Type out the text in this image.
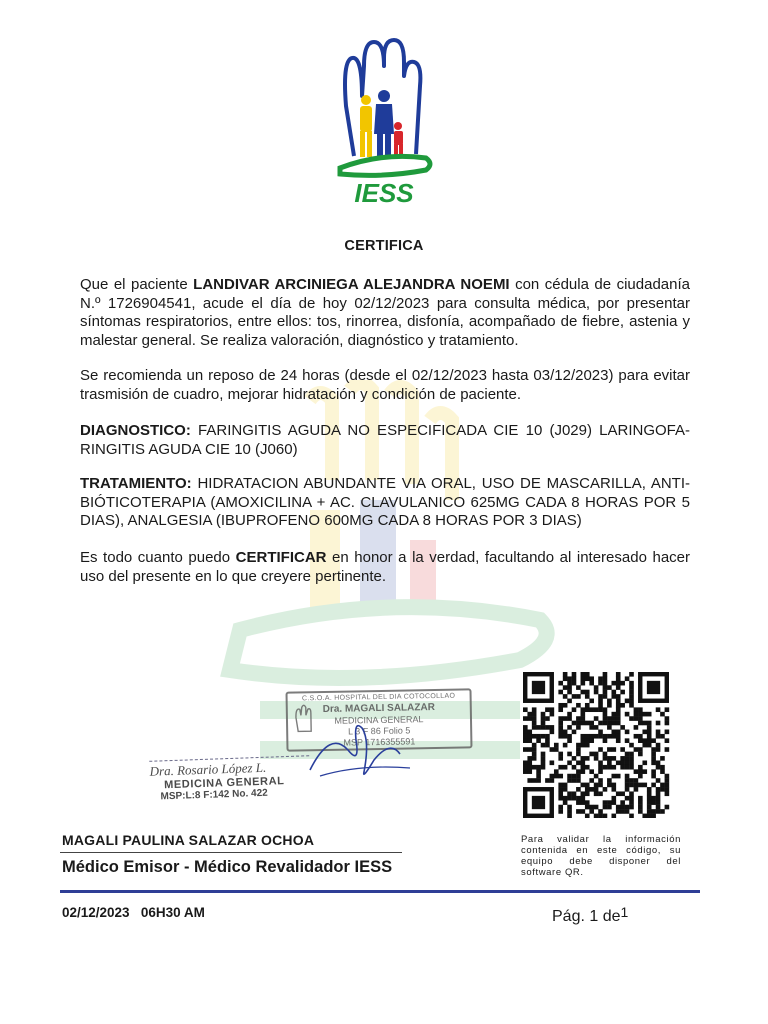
IESS
CERTIFICA
Que el paciente LANDIVAR ARCINIEGA ALEJANDRA NOEMI con cédula de ciudadanía N.º 1726904541, acude el día de hoy 02/12/2023 para consulta médica, por presentar síntomas respiratorios, entre ellos: tos, rinorrea, disfonía, acompañado de fiebre, astenia y malestar general. Se realiza valoración, diagnóstico y tratamiento.
Se recomienda un reposo de 24 horas (desde el 02/12/2023 hasta 03/12/2023) para evitar trasmisión de cuadro, mejorar hidratación y condición de paciente.
DIAGNOSTICO: FARINGITIS AGUDA NO ESPECIFICADA CIE 10 (J029) LARINGOFA-RINGITIS AGUDA CIE 10 (J060)
TRATAMIENTO: HIDRATACION ABUNDANTE VIA ORAL, USO DE MASCARILLA, ANTI-BIÓTICOTERAPIA (AMOXICILINA + AC. CLAVULANICO 625MG CADA 8 HORAS POR 5 DIAS), ANALGESIA (IBUPROFENO 600MG CADA 8 HORAS POR 3 DIAS)
Es todo cuanto puedo CERTIFICAR en honor a la verdad, facultando al interesado hacer uso del presente en lo que creyere pertinente.
C.S.O.A. HOSPITAL DEL DIA COTOCOLLAO
Dra. MAGALI SALAZAR
MEDICINA GENERAL
L 3 F 86 Folio 5
MSP 1716355591
Dra. Rosario López L.
MEDICINA GENERAL
MSP:L:8 F:142 No. 422
MAGALI PAULINA SALAZAR OCHOA
Médico Emisor - Médico Revalidador IESS
Para validar la información contenida en este código, su equipo debe disponer del software QR.
02/12/2023 06H30 AM	Pág. 1 $de^1$
